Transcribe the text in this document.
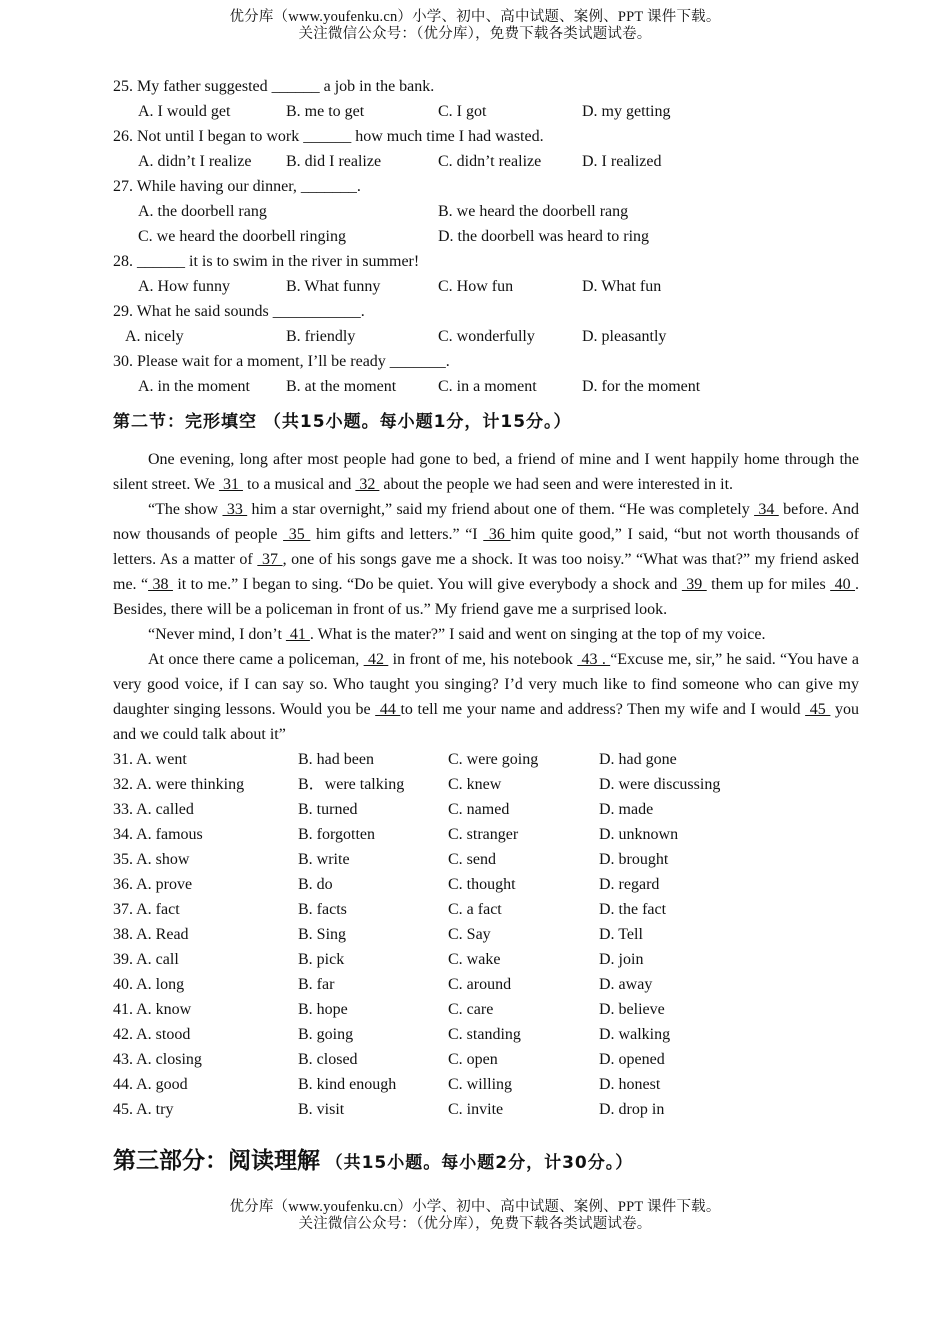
优分库（www.youfenku.cn）小学、初中、高中试题、案例、PPT 课件下载。
关注微信公众号：（优分库），免费下载各类试题试卷。
25. My father suggested ______ a job in the bank.
A. I would get	B. me to get	C. I got	D. my getting
26. Not until I began to work ______ how much time I had wasted.
A. didn’t I realize B. did I realize	C. didn’t realize	D. I realized
27. While having our dinner, _______.
A. the doorbell rang	B. we heard the doorbell rang
C. we heard the doorbell ringing	D. the doorbell was heard to ring
28. ______ it is to swim in the river in summer!
A. How funny	B. What funny	C. How fun	D. What fun
29. What he said sounds ___________.
A. nicely	B. friendly	C. wonderfully	D. pleasantly
30. Please wait for a moment, I’ll be ready _______.
A. in the moment B. at the moment	C. in a moment	D. for the moment
第二节：完形填空 （共15小题。每小题1分，计15分。）

One evening, long after most people had gone to bed, a friend of mine and I went happily home through the silent street. We  31  to a musical and  32  about the people we had seen and were interested in it.

“The show  33  him a star overnight,” said my friend about one of them. “He was completely  34  before. And now thousands of people  35  him gifts and letters.” “I  36 him quite good,” I said, “but not worth thousands of letters. As a matter of  37 , one of his songs gave me a shock. It was too noisy.” “What was that?” my friend asked me. “ 38  it to me.” I began to sing. “Do be quiet. You will give everybody a shock and  39  them up for miles  40 . Besides, there will be a policeman in front of us.” My friend gave me a surprised look.

“Never mind, I don’t  41 . What is the mater?” I said and went on singing at the top of my voice.

At once there came a policeman,  42  in front of me, his notebook  43 . “Excuse me, sir,” he said. “You have a very good voice, if I can say so. Who taught you singing? I’d very much like to find someone who can give my daughter singing lessons. Would you be  44 to tell me your name and address? Then my wife and I would  45  you and we could talk about it”

31. A. went	B. had been	C. were going	D. had gone
32. A. were thinking	B．were talking	C. knew	D. were discussing
33. A. called	B. turned	C. named	D. made
34. A. famous	B. forgotten	C. stranger	D. unknown
35. A. show	B. write	C. send	D. brought
36. A. prove	B. do	C. thought	D. regard
37. A. fact	B. facts	C. a fact	D. the fact
38. A. Read	B. Sing	C. Say	D. Tell
39. A. call	B. pick	C. wake	D. join
40. A. long	B. far	C. around	D. away
41. A. know	B. hope	C. care	D. believe
42. A. stood	B. going	C. standing	D. walking
43. A. closing	B. closed	C. open	D. opened
44. A. good	B. kind enough	C. willing	D. honest
45. A. try	B. visit	C. invite	D. drop in
第三部分：阅读理解 （共15小题。每小题2分，计30分。）
优分库（www.youfenku.cn）小学、初中、高中试题、案例、PPT 课件下载。
关注微信公众号：（优分库），免费下载各类试题试卷。
